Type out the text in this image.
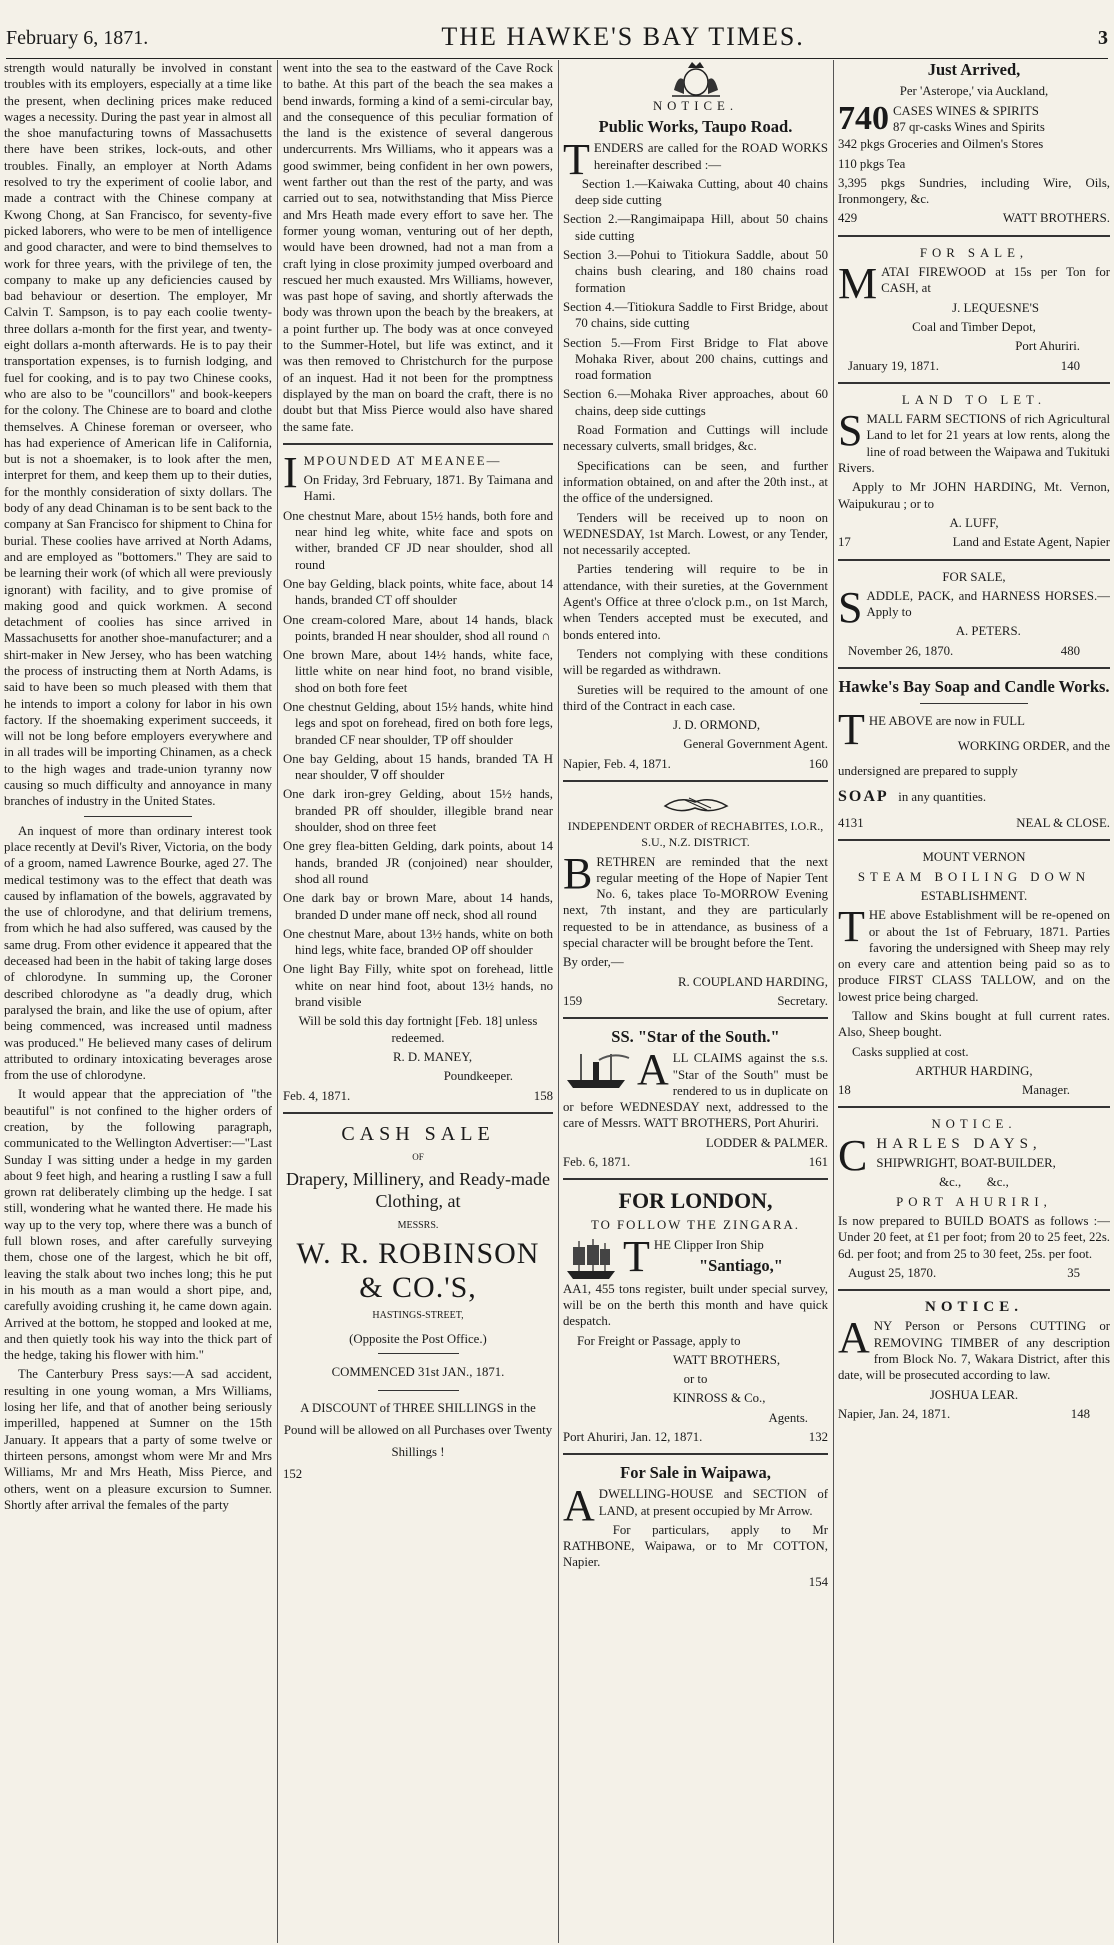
February 6, 1871.	THE HAWKE'S BAY TIMES.	3

strength would naturally be involved in constant troubles with its employers, especially at a time like the present, when declining prices make reduced wages a necessity. During the past year in almost all the shoe manufacturing towns of Massachusetts there have been strikes, lock-outs, and other troubles. Finally, an employer at North Adams resolved to try the experiment of coolie labor, and made a contract with the Chinese company at Kwong Chong, at San Francisco, for seventy-five picked laborers, who were to be men of intelligence and good character, and were to bind themselves to work for three years, with the privilege of ten, the company to make up any deficiencies caused by bad behaviour or desertion. The employer, Mr Calvin T. Sampson, is to pay each coolie twenty-three dollars a-month for the first year, and twenty-eight dollars a-month afterwards. He is to pay their transportation expenses, is to furnish lodging, and fuel for cooking, and is to pay two Chinese cooks, who are also to be "councillors" and book-keepers for the colony. The Chinese are to board and clothe themselves. A Chinese foreman or overseer, who has had experience of American life in California, but is not a shoemaker, is to look after the men, interpret for them, and keep them up to their duties, for the monthly consideration of sixty dollars. The body of any dead Chinaman is to be sent back to the company at San Francisco for shipment to China for burial. These coolies have arrived at North Adams, and are employed as "bottomers." They are said to be learning their work (of which all were previously ignorant) with facility, and to give promise of making good and quick workmen. A second detachment of coolies has since arrived in Massachusetts for another shoe-manufacturer; and a shirt-maker in New Jersey, who has been watching the process of instructing them at North Adams, is said to have been so much pleased with them that he intends to import a colony for labor in his own factory. If the shoemaking experiment succeeds, it will not be long before employers everywhere and in all trades will be importing Chinamen, as a check to the high wages and trade-union tyranny now causing so much difficulty and annoyance in many branches of industry in the United States.

An inquest of more than ordinary interest took place recently at Devil's River, Victoria, on the body of a groom, named Lawrence Bourke, aged 27. The medical testimony was to the effect that death was caused by inflamation of the bowels, aggravated by the use of chlorodyne, and that delirium tremens, from which he had also suffered, was caused by the same drug. From other evidence it appeared that the deceased had been in the habit of taking large doses of chlorodyne. In summing up, the Coroner described chlorodyne as "a deadly drug, which paralysed the brain, and like the use of opium, after being commenced, was increased until madness was produced." He believed many cases of delirum attributed to ordinary intoxicating beverages arose from the use of chlorodyne.

It would appear that the appreciation of "the beautiful" is not confined to the higher orders of creation, by the following paragraph, communicated to the Wellington Advertiser:—"Last Sunday I was sitting under a hedge in my garden about 9 feet high, and hearing a rustling I saw a full grown rat deliberately climbing up the hedge. I sat still, wondering what he wanted there. He made his way up to the very top, where there was a bunch of full blown roses, and after carefully surveying them, chose one of the largest, which he bit off, leaving the stalk about two inches long; this he put in his mouth as a man would a short pipe, and, carefully avoiding crushing it, he came down again. Arrived at the bottom, he stopped and looked at me, and then quietly took his way into the thick part of the hedge, taking his flower with him."

The Canterbury Press says:—A sad accident, resulting in one young woman, a Mrs Williams, losing her life, and that of another being seriously imperilled, happened at Sumner on the 15th January. It appears that a party of some twelve or thirteen persons, amongst whom were Mr and Mrs Williams, Mr and Mrs Heath, Miss Pierce, and others, went on a pleasure excursion to Sumner. Shortly after arrival the females of the party

went into the sea to the eastward of the Cave Rock to bathe. At this part of the beach the sea makes a bend inwards, forming a kind of a semi-circular bay, and the consequence of this peculiar formation of the land is the existence of several dangerous undercurrents. Mrs Williams, who it appears was a good swimmer, being confident in her own powers, went farther out than the rest of the party, and was carried out to sea, notwithstanding that Miss Pierce and Mrs Heath made every effort to save her. The former young woman, venturing out of her depth, would have been drowned, had not a man from a craft lying in close proximity jumped overboard and rescued her much exausted. Mrs Williams, however, was past hope of saving, and shortly afterwads the body was thrown upon the beach by the breakers, at a point further up. The body was at once conveyed to the Summer-Hotel, but life was extinct, and it was then removed to Christchurch for the purpose of an inquest. Had it not been for the promptness displayed by the man on board the craft, there is no doubt but that Miss Pierce would also have shared the same fate.

IMPOUNDED AT MEANEE—

On Friday, 3rd February, 1871. By Taimana and Hami.

One chestnut Mare, about 15½ hands, both fore and near hind leg white, white face and spots on wither, branded CF JD near shoulder, shod all round

One bay Gelding, black points, white face, about 14 hands, branded CT off shoulder

One cream-colored Mare, about 14 hands, black points, branded H near shoulder, shod all round ∩

One brown Mare, about 14½ hands, white face, little white on near hind foot, no brand visible, shod on both fore feet

One chestnut Gelding, about 15½ hands, white hind legs and spot on forehead, fired on both fore legs, branded CF near shoulder, TP off shoulder

One bay Gelding, about 15 hands, branded TA H near shoulder, ∇ off shoulder

One dark iron-grey Gelding, about 15½ hands, branded PR off shoulder, illegible brand near shoulder, shod on three feet

One grey flea-bitten Gelding, dark points, about 14 hands, branded JR (conjoined) near shoulder, shod all round

One dark bay or brown Mare, about 14 hands, branded D under mane off neck, shod all round

One chestnut Mare, about 13½ hands, white on both hind legs, white face, branded OP off shoulder

One light Bay Filly, white spot on forehead, little white on near hind foot, about 13½ hands, no brand visible

Will be sold this day fortnight [Feb. 18] unless redeemed.

R. D. MANEY,

Poundkeeper.

Feb. 4, 1871.	158

CASH SALE

OF

Drapery, Millinery, and Ready-made Clothing, at

MESSRS.

W. R. ROBINSON & CO.'S,

HASTINGS-STREET,

(Opposite the Post Office.)

COMMENCED 31st JAN., 1871.

A DISCOUNT of THREE SHILLINGS in the Pound will be allowed on all Purchases over Twenty Shillings !

152

NOTICE.

Public Works, Taupo Road.

TENDERS are called for the ROAD WORKS hereinafter described :—

Section 1.—Kaiwaka Cutting, about 40 chains deep side cutting

Section 2.—Rangimaipapa Hill, about 50 chains side cutting

Section 3.—Pohui to Titiokura Saddle, about 50 chains bush clearing, and 180 chains road formation

Section 4.—Titiokura Saddle to First Bridge, about 70 chains, side cutting

Section 5.—From First Bridge to Flat above Mohaka River, about 200 chains, cuttings and road formation

Section 6.—Mohaka River approaches, about 60 chains, deep side cuttings

Road Formation and Cuttings will include necessary culverts, small bridges, &c.

Specifications can be seen, and further information obtained, on and after the 20th inst., at the office of the undersigned.

Tenders will be received up to noon on WEDNESDAY, 1st March. Lowest, or any Tender, not necessarily accepted.

Parties tendering will require to be in attendance, with their sureties, at the Government Agent's Office at three o'clock p.m., on 1st March, when Tenders accepted must be executed, and bonds entered into.

Tenders not complying with these conditions will be regarded as withdrawn.

Sureties will be required to the amount of one third of the Contract in each case.

J. D. ORMOND,

General Government Agent.

Napier, Feb. 4, 1871.	160

INDEPENDENT ORDER of RECHABITES, I.O.R., S.U., N.Z. DISTRICT.

BRETHREN are reminded that the next regular meeting of the Hope of Napier Tent No. 6, takes place To-MORROW Evening next, 7th instant, and they are particularly requested to be in attendance, as business of a special character will be brought before the Tent.

By order,—

R. COUPLAND HARDING,

159	Secretary.

SS. "Star of the South."

ALL CLAIMS against the s.s. "Star of the South" must be rendered to us in duplicate on or before WEDNESDAY next, addressed to the care of Messrs. WATT BROTHERS, Port Ahuriri.

LODDER & PALMER.

Feb. 6, 1871.	161

FOR LONDON,

TO FOLLOW THE ZINGARA.

THE Clipper Iron Ship

"Santiago,"

AA1, 455 tons register, built under special survey, will be on the berth this month and have quick despatch.

For Freight or Passage, apply to

WATT BROTHERS,

or to

KINROSS & Co.,

Agents.

Port Ahuriri, Jan. 12, 1871.	132

For Sale in Waipawa,

ADWELLING-HOUSE and SECTION of LAND, at present occupied by Mr Arrow.

For particulars, apply to Mr RATHBONE, Waipawa, or to Mr COTTON, Napier.

154

Just Arrived,

Per 'Asterope,' via Auckland,

740 CASES WINES & SPIRITS
87 qr-casks Wines and Spirits

342 pkgs Groceries and Oilmen's Stores

110 pkgs Tea

3,395 pkgs Sundries, including Wire, Oils, Ironmongery, &c.

429	WATT BROTHERS.

FOR SALE,

MATAI FIREWOOD at 15s per Ton for CASH, at

J. LEQUESNE'S

Coal and Timber Depot,

Port Ahuriri.

January 19, 1871.	140

LAND TO LET.

SMALL FARM SECTIONS of rich Agricultural Land to let for 21 years at low rents, along the line of road between the Waipawa and Tukituki Rivers.

Apply to Mr JOHN HARDING, Mt. Vernon, Waipukurau ; or to

A. LUFF,

17	Land and Estate Agent, Napier

FOR SALE,

SADDLE, PACK, and HARNESS HORSES.—Apply to

A. PETERS.

November 26, 1870.	480

Hawke's Bay Soap and Candle Works.

THE ABOVE are now in FULL

WORKING ORDER, and the

undersigned are prepared to supply

SOAP in any quantities.

4131	NEAL & CLOSE.

MOUNT VERNON

STEAM BOILING DOWN

ESTABLISHMENT.

THE above Establishment will be re-opened on or about the 1st of February, 1871. Parties favoring the undersigned with Sheep may rely on every care and attention being paid so as to produce FIRST CLASS TALLOW, and on the lowest price being charged.

Tallow and Skins bought at full current rates. Also, Sheep bought.

Casks supplied at cost.

ARTHUR HARDING,

18	Manager.

NOTICE.

CHARLES DAYS,

SHIPWRIGHT, BOAT-BUILDER,

&c.,        &c.,

PORT AHURIRI,

Is now prepared to BUILD BOATS as follows :—Under 20 feet, at £1 per foot; from 20 to 25 feet, 22s. 6d. per foot; and from 25 to 30 feet, 25s. per foot.

August 25, 1870.	35

NOTICE.

ANY Person or Persons CUTTING or REMOVING TIMBER of any description from Block No. 7, Wakara District, after this date, will be prosecuted according to law.

JOSHUA LEAR.

Napier, Jan. 24, 1871.	148
